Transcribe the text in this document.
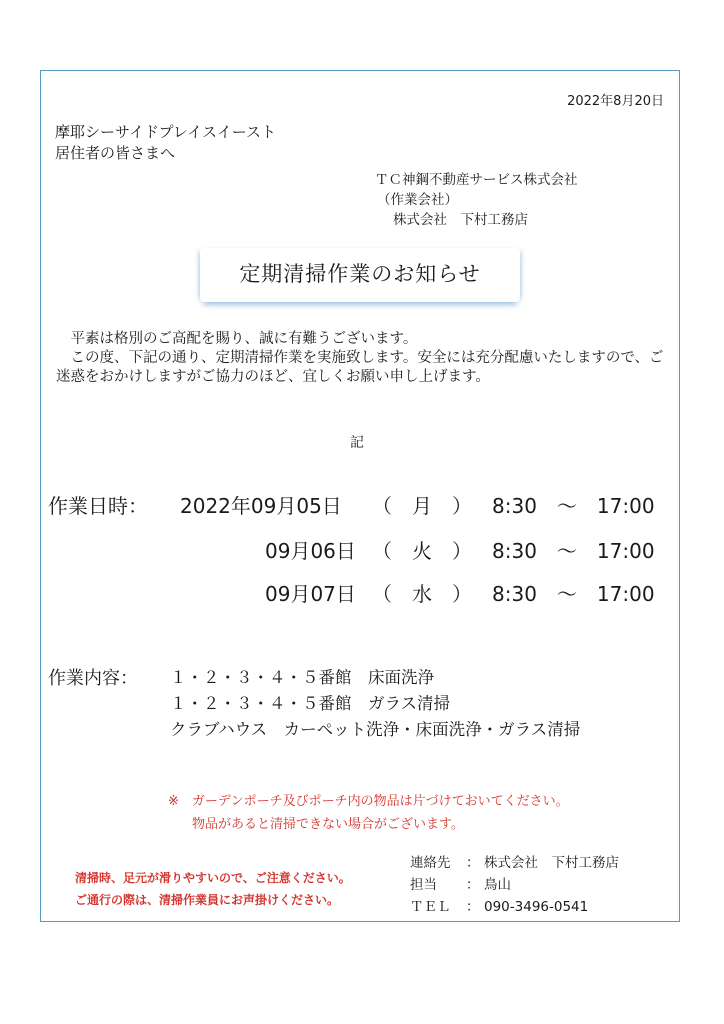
2022年8月20日
摩耶シーサイドプレイスイースト
居住者の皆さまへ
ＴＣ神鋼不動産サービス株式会社
（作業会社）
株式会社　下村工務店
定期清掃作業のお知らせ

　平素は格別のご高配を賜り、誠に有難うございます。

　この度、下記の通り、定期清掃作業を実施致します。安全には充分配慮いたしますので、ご迷惑をおかけしますがご協力のほど、宜しくお願い申し上げます。

記
作業日時： 2022年09月05日 （　月　） 8:30　～　17:00
09月06日 （　火　） 8:30　～　17:00
09月07日 （　水　） 8:30　～　17:00
作業内容： １・２・３・４・５番館　床面洗浄
１・２・３・４・５番館　ガラス清掃
クラブハウス　カーペット洗浄・床面洗浄・ガラス清掃
※　ガーデンポーチ及びポーチ内の物品は片づけておいてください。
物品があると清掃できない場合がございます。
清掃時、足元が滑りやすいので、ご注意ください。
ご通行の際は、清掃作業員にお声掛けください。
連絡先	： 株式会社　下村工務店
担当	： 鳥山
ＴＥＬ	： 090-3496-0541
